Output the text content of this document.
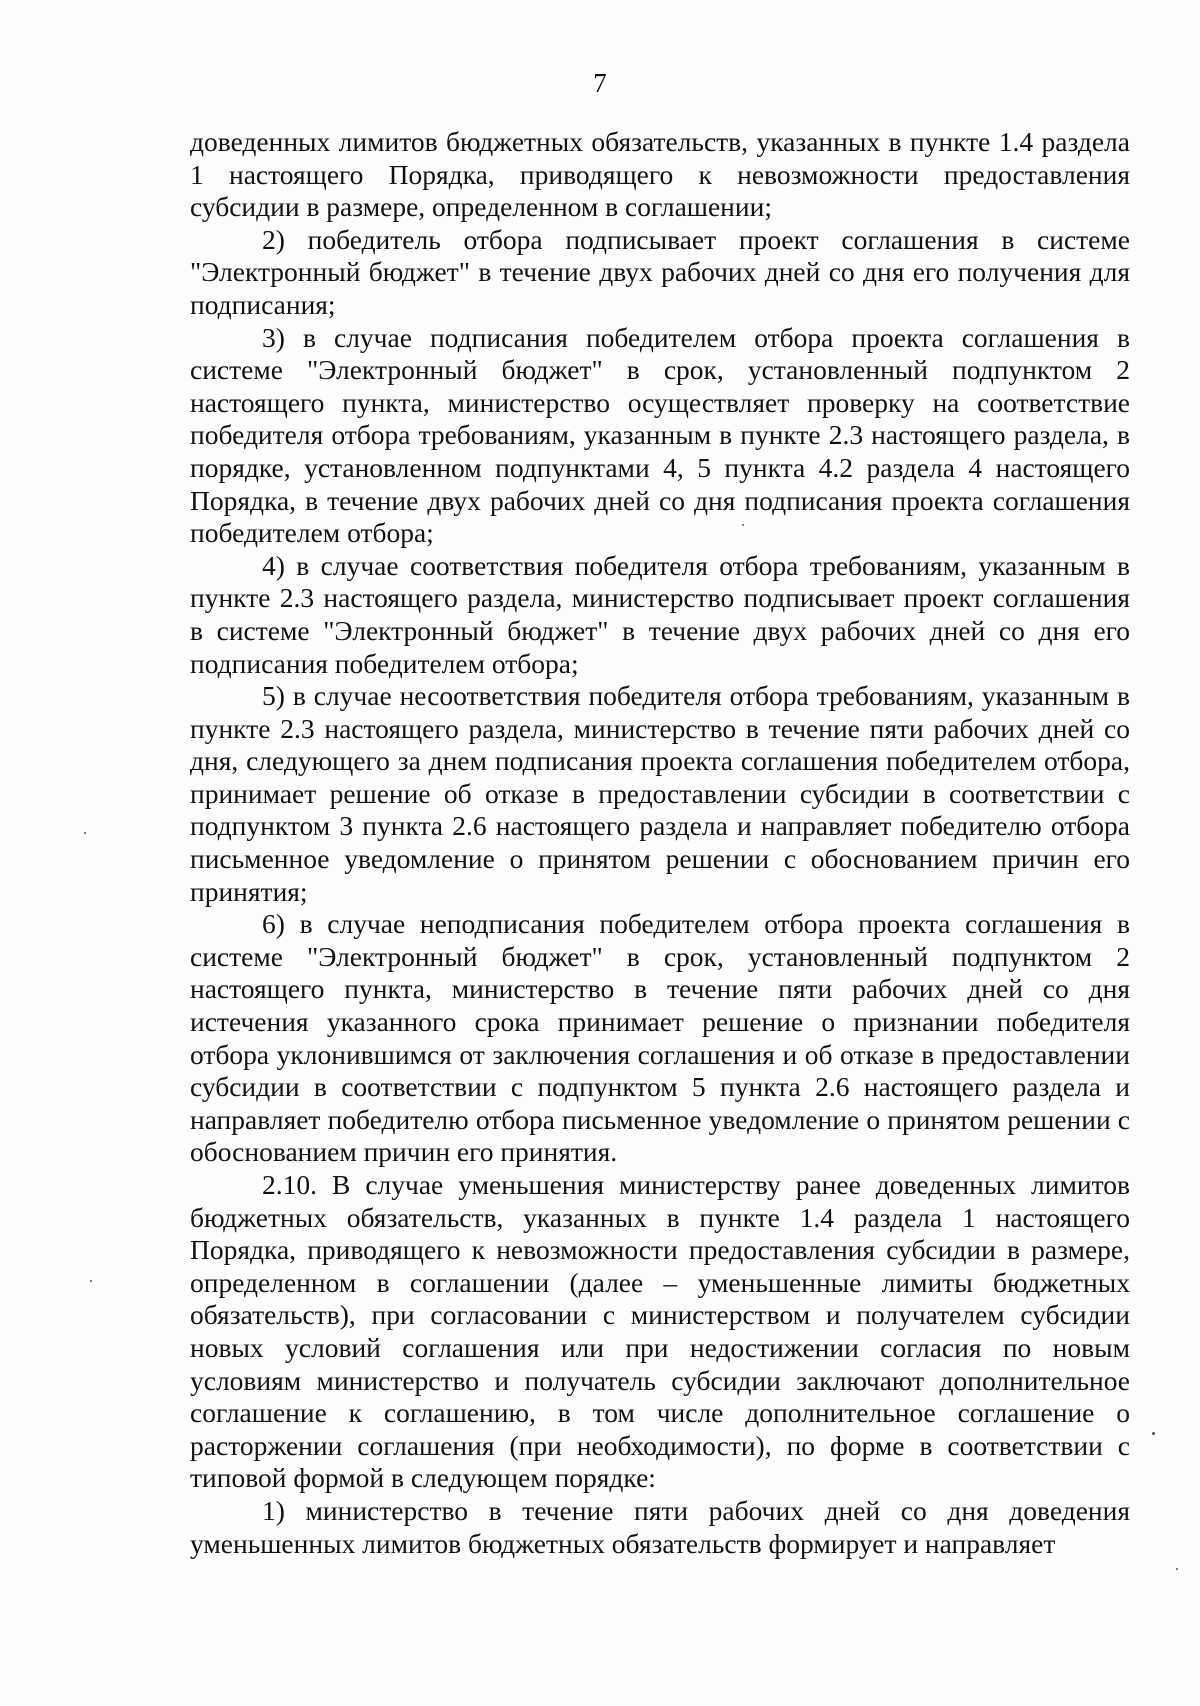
7

доведенных лимитов бюджетных обязательств, указанных в пункте 1.4 раздела 1 настоящего Порядка, приводящего к невозможности предоставления субсидии в размере, определенном в соглашении;

2) победитель отбора подписывает проект соглашения в системе "Электронный бюджет" в течение двух рабочих дней со дня его получения для подписания;

3) в случае подписания победителем отбора проекта соглашения в системе "Электронный бюджет" в срок, установленный подпунктом 2 настоящего пункта, министерство осуществляет проверку на соответствие победителя отбора требованиям, указанным в пункте 2.3 настоящего раздела, в порядке, установленном подпунктами 4, 5 пункта 4.2 раздела 4 настоящего Порядка, в течение двух рабочих дней со дня подписания проекта соглашения победителем отбора;

4) в случае соответствия победителя отбора требованиям, указанным в пункте 2.3 настоящего раздела, министерство подписывает проект соглашения в системе "Электронный бюджет" в течение двух рабочих дней со дня его подписания победителем отбора;

5) в случае несоответствия победителя отбора требованиям, указанным в пункте 2.3 настоящего раздела, министерство в течение пяти рабочих дней со дня, следующего за днем подписания проекта соглашения победителем отбора, принимает решение об отказе в предоставлении субсидии в соответствии с подпунктом 3 пункта 2.6 настоящего раздела и направляет победителю отбора письменное уведомление о принятом решении с обоснованием причин его принятия;

6) в случае неподписания победителем отбора проекта соглашения в системе "Электронный бюджет" в срок, установленный подпунктом 2 настоящего пункта, министерство в течение пяти рабочих дней со дня истечения указанного срока принимает решение о признании победителя отбора уклонившимся от заключения соглашения и об отказе в предоставлении субсидии в соответствии с подпунктом 5 пункта 2.6 настоящего раздела и направляет победителю отбора письменное уведомление о принятом решении с обоснованием причин его принятия.

2.10. В случае уменьшения министерству ранее доведенных лимитов бюджетных обязательств, указанных в пункте 1.4 раздела 1 настоящего Порядка, приводящего к невозможности предоставления субсидии в размере, определенном в соглашении (далее – уменьшенные лимиты бюджетных обязательств), при согласовании с министерством и получателем субсидии новых условий соглашения или при недостижении согласия по новым условиям министерство и получатель субсидии заключают дополнительное соглашение к соглашению, в том числе дополнительное соглашение о расторжении соглашения (при необходимости), по форме в соответствии с типовой формой в следующем порядке:

1) министерство в течение пяти рабочих дней со дня доведения уменьшенных лимитов бюджетных обязательств формирует и направляет
